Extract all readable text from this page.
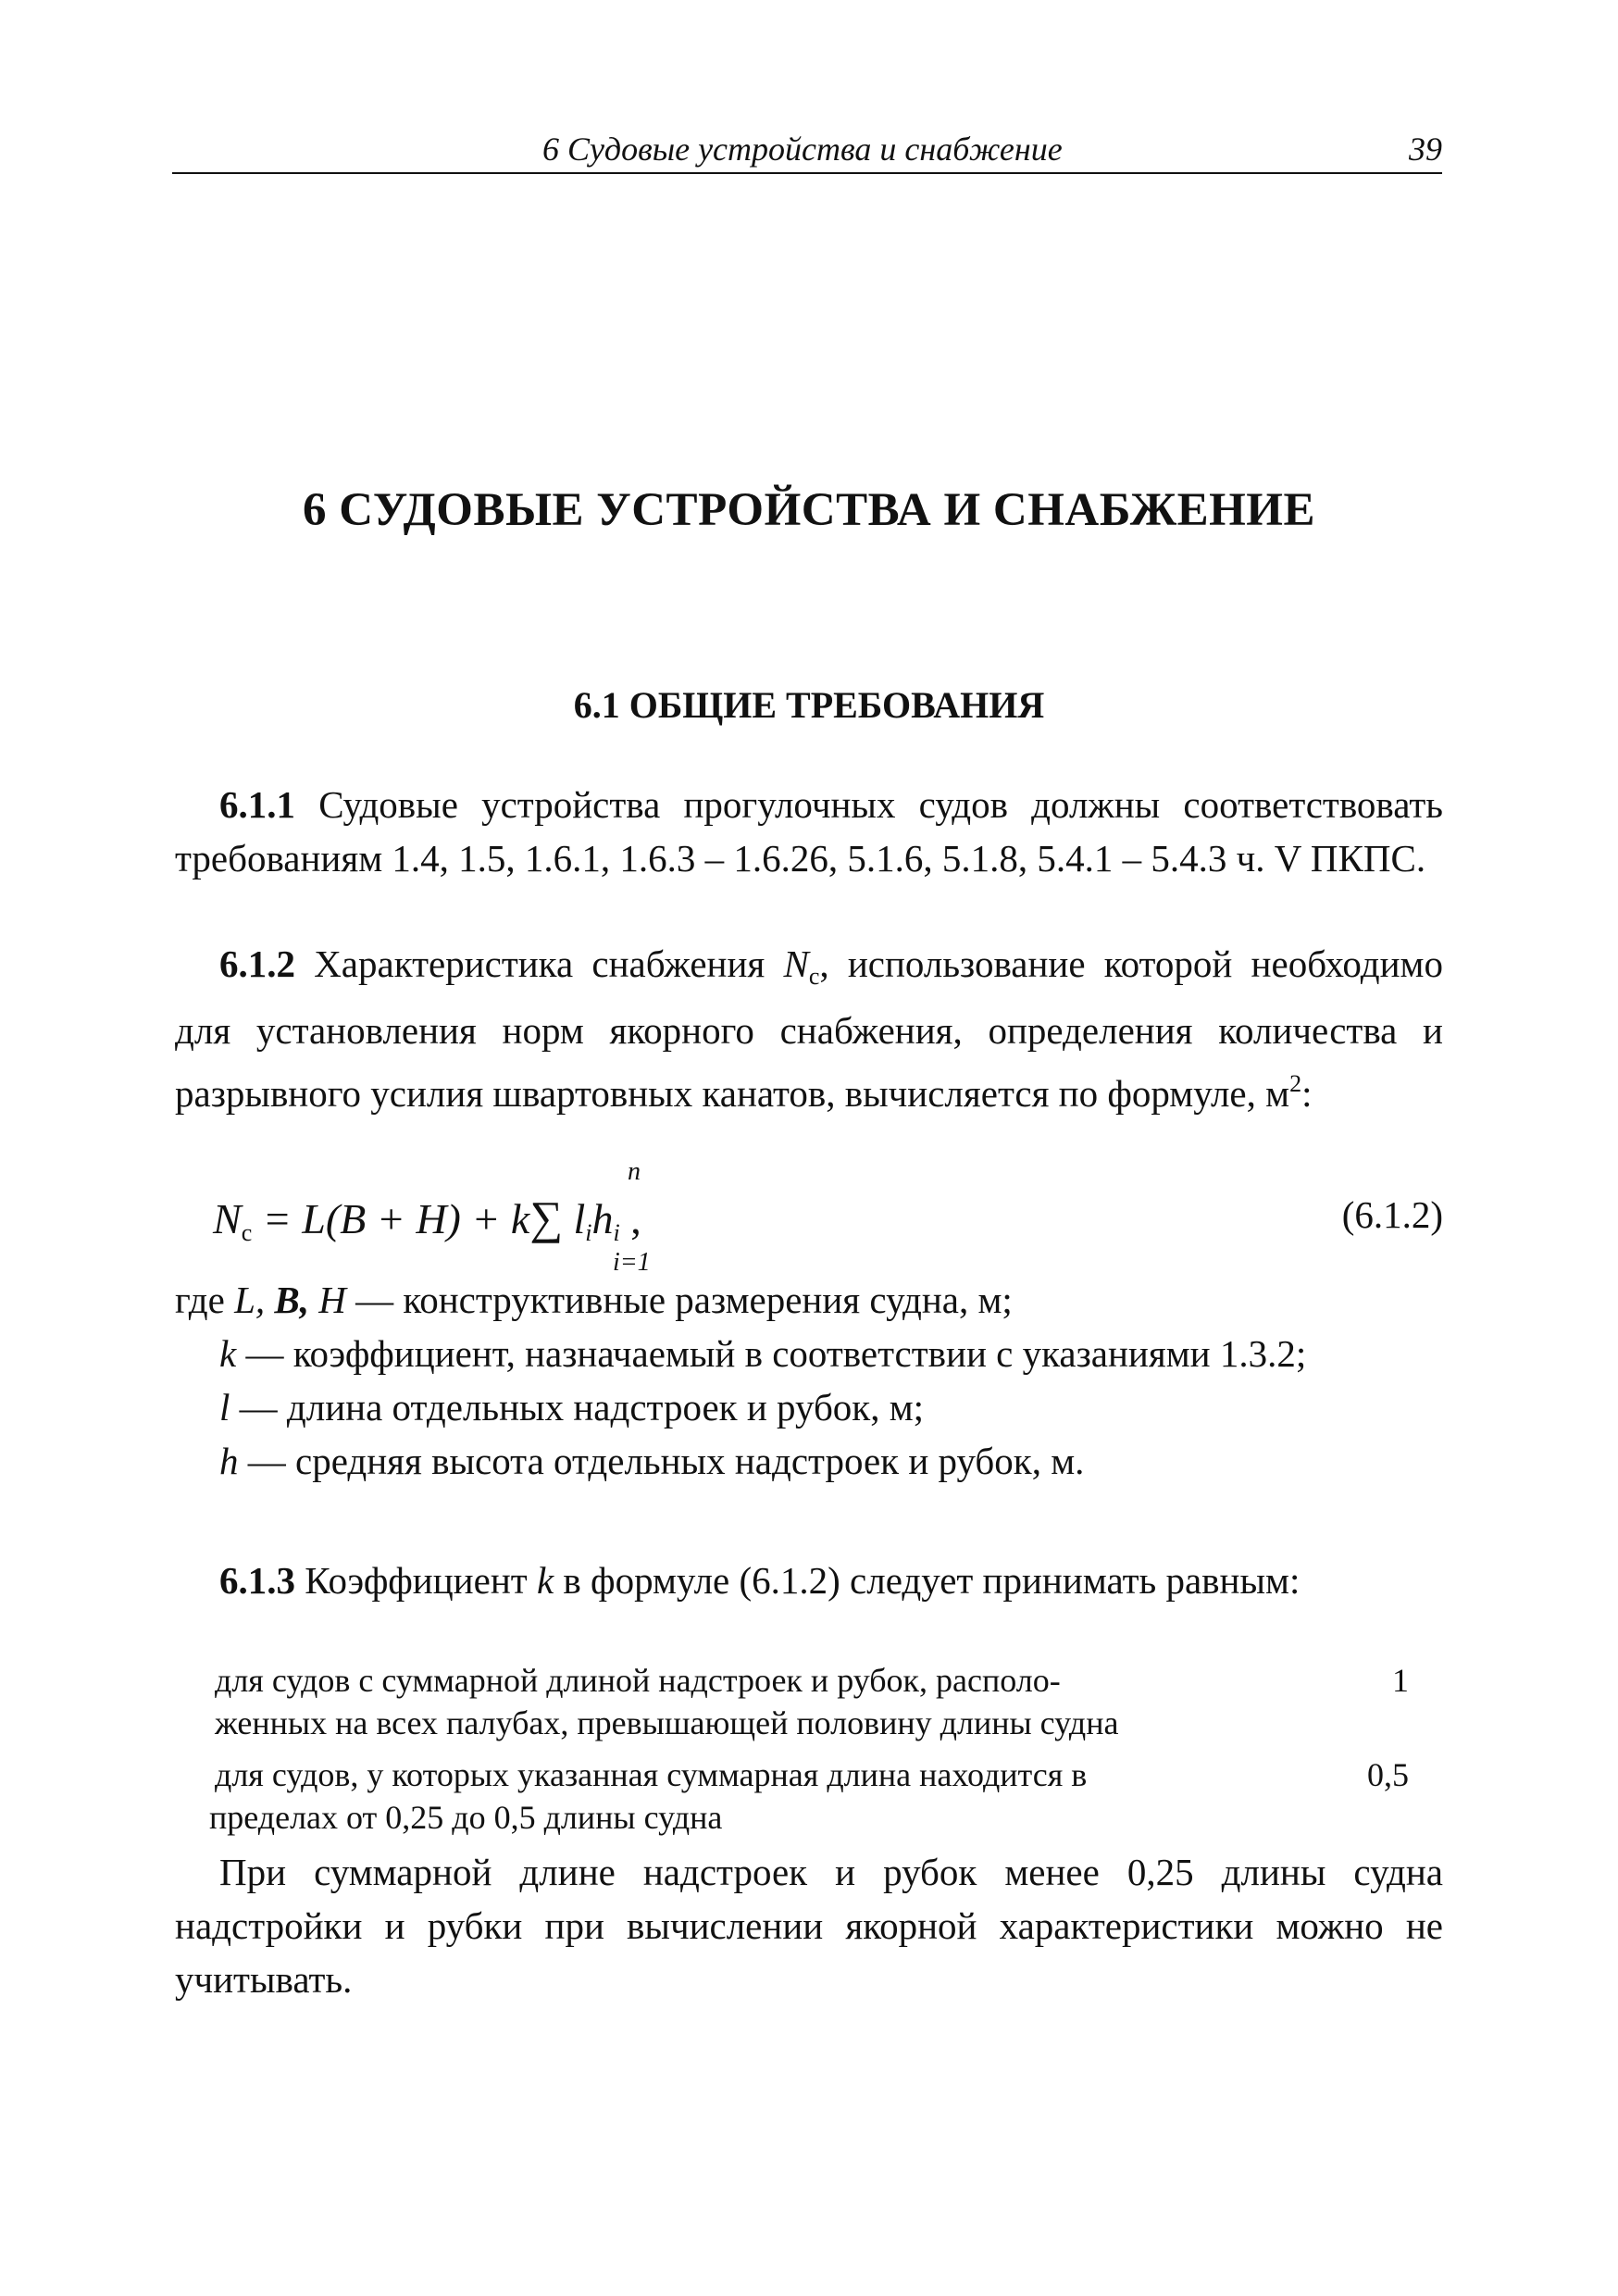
6 Судовые устройства и снабжение	39
6 СУДОВЫЕ УСТРОЙСТВА И СНАБЖЕНИЕ
6.1 ОБЩИЕ ТРЕБОВАНИЯ

6.1.1 Судовые устройства прогулочных судов должны соответствовать требованиям 1.4, 1.5, 1.6.1, 1.6.3 – 1.6.26, 5.1.6, 5.1.8, 5.4.1 – 5.4.3 ч. V ПКПС.

6.1.2 Характеристика снабжения $N_c$, использование которой необходимо для установления норм якорного снабжения, определения количества и разрывного усилия швартовных канатов, вычисляется по формуле, $м^2$:

n
$N_c = L(B + H) + k\sum$ $l_ih_i$ ,
i=1
(6.1.2)

где L, B, H — конструктивные размерения судна, м;

k — коэффициент, назначаемый в соответствии с указаниями 1.3.2;

l — длина отдельных надстроек и рубок, м;

h — средняя высота отдельных надстроек и рубок, м.

6.1.3 Коэффициент k в формуле (6.1.2) следует принимать равным:

для судов с суммарной длиной надстроек и рубок, располо-
женных на всех палубах, превышающей половину длины судна
1
для судов, у которых указанная суммарная длина находится в
пределах от 0,25 до 0,5 длины судна
0,5

При суммарной длине надстроек и рубок менее 0,25 длины судна надстройки и рубки при вычислении якорной характеристики можно не учитывать.
